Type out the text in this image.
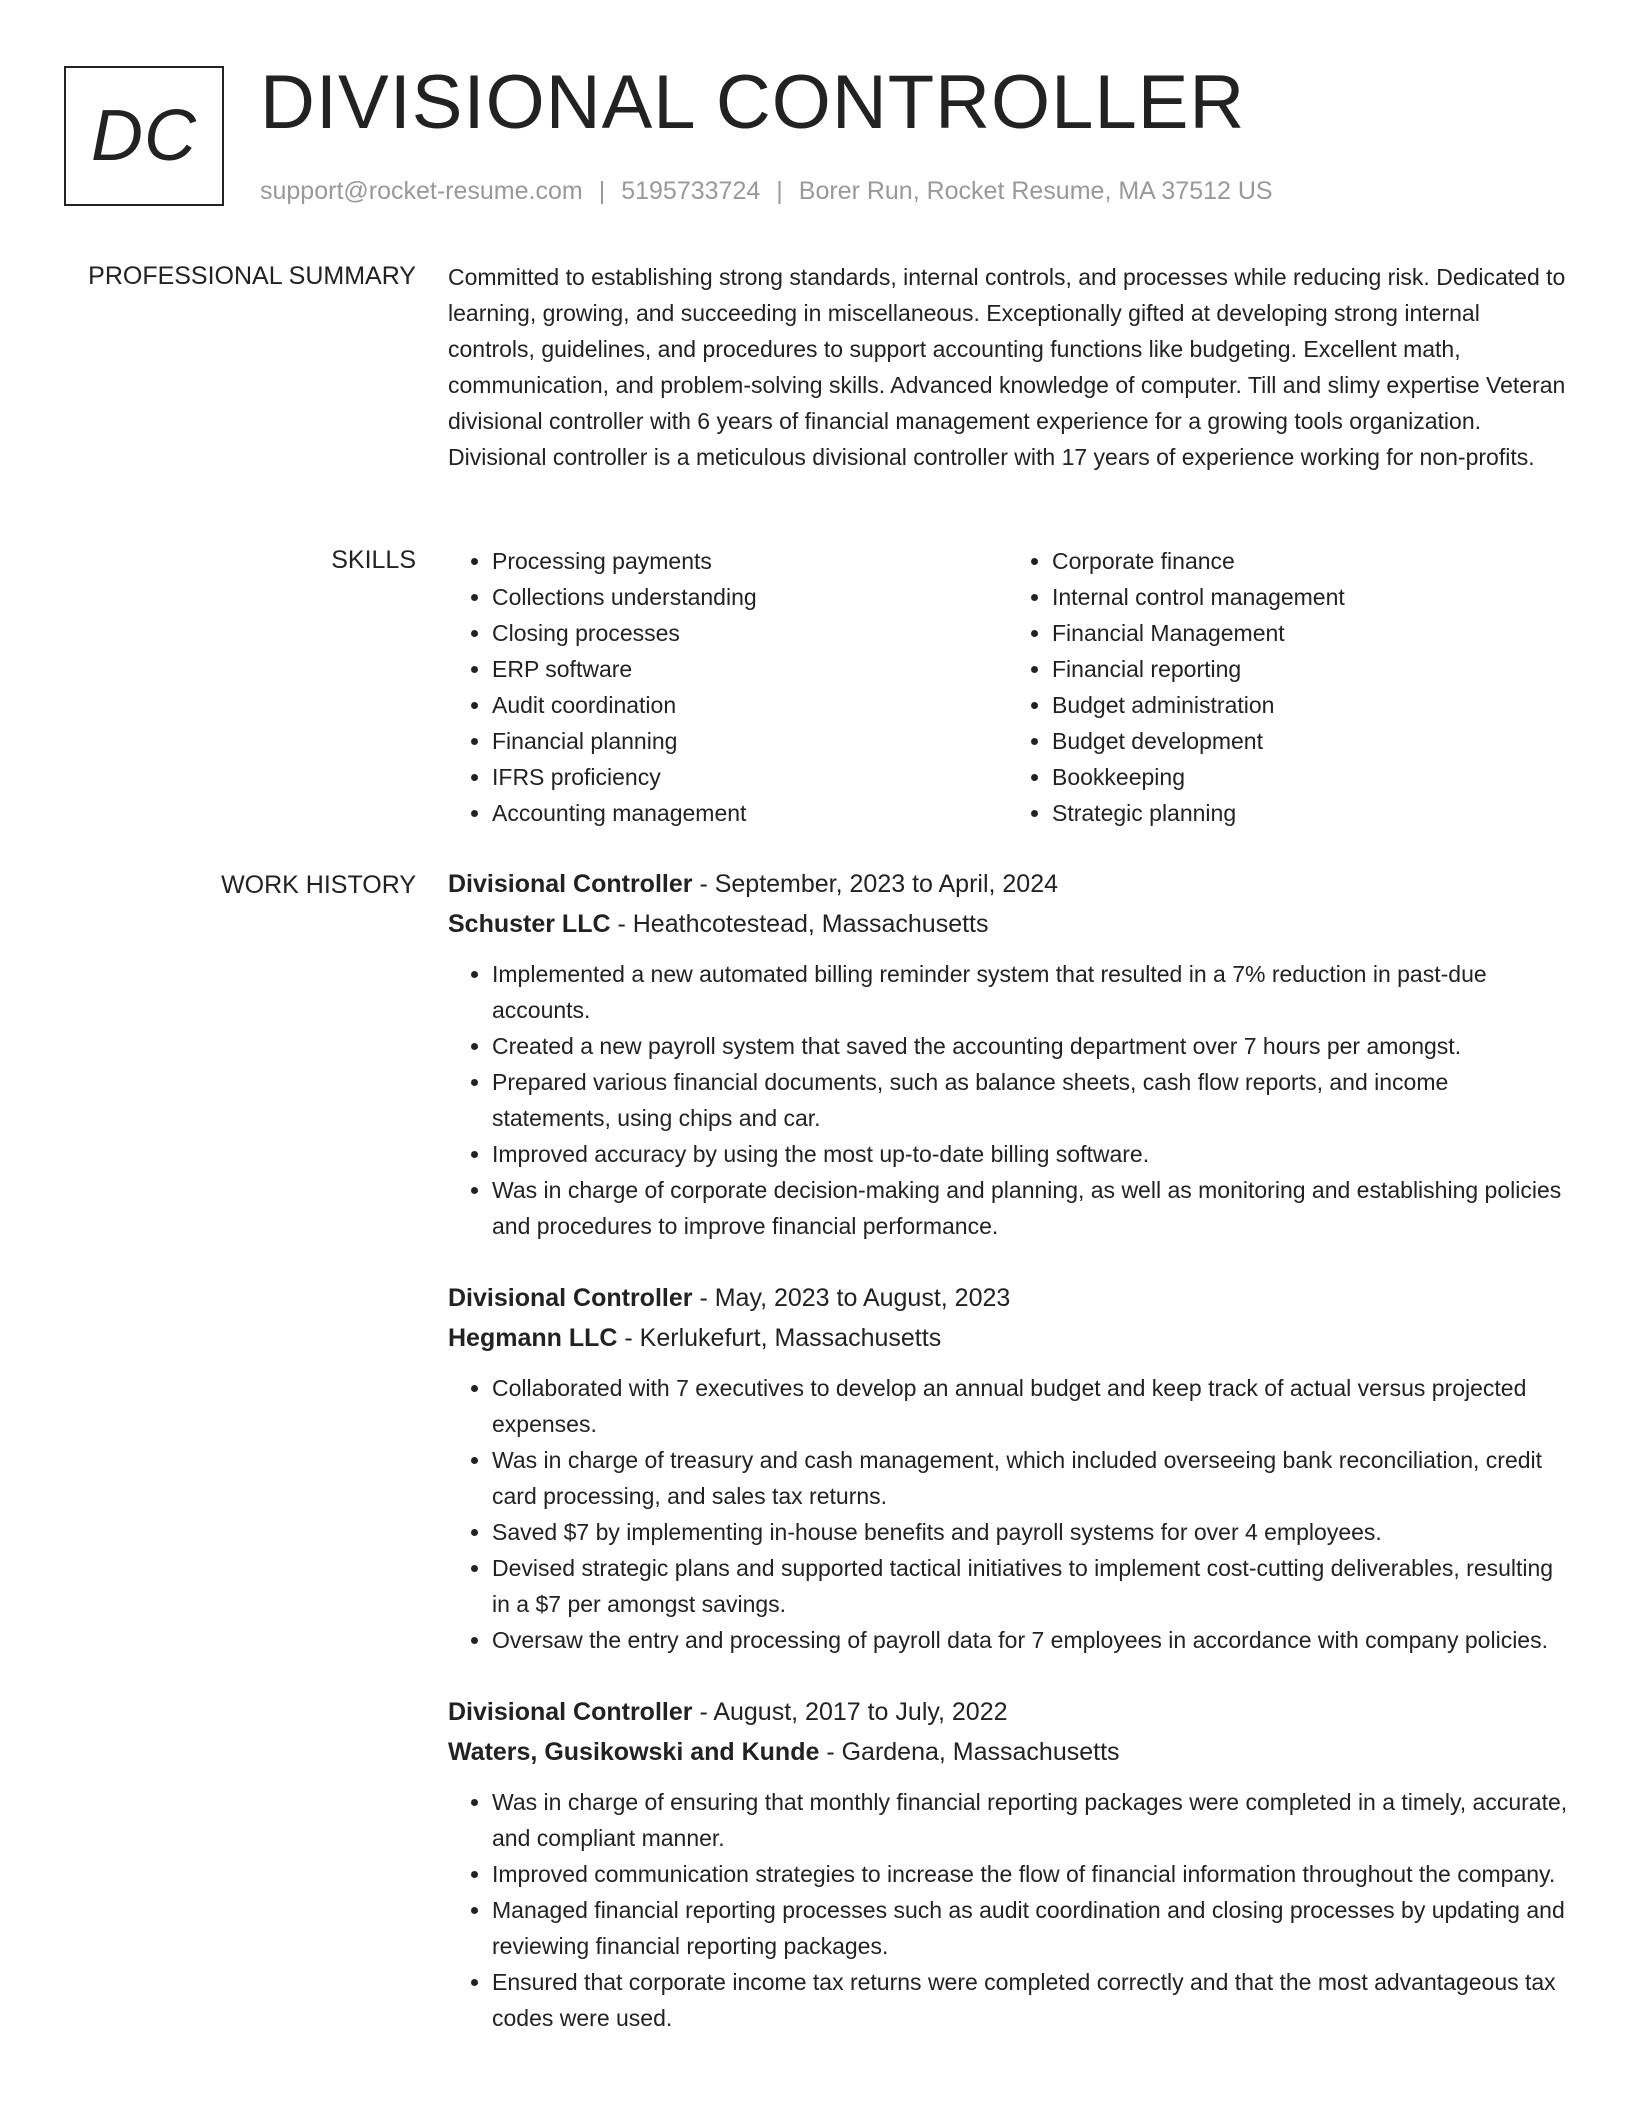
DC DIVISIONAL CONTROLLER
support@rocket-resume.com | 5195733724 | Borer Run, Rocket Resume, MA 37512 US
PROFESSIONAL SUMMARY Committed to establishing strong standards, internal controls, and processes while reducing risk. Dedicated to learning, growing, and succeeding in miscellaneous. Exceptionally gifted at developing strong internal controls, guidelines, and procedures to support accounting functions like budgeting. Excellent math, communication, and problem-solving skills. Advanced knowledge of computer. Till and slimy expertise Veteran divisional controller with 6 years of financial management experience for a growing tools organization. Divisional controller is a meticulous divisional controller with 17 years of experience working for non-profits.

SKILLS
•	Processing payments
• Collections understanding
• Closing processes
• ERP software
• Audit coordination
• Financial planning
• IFRS proficiency
• Accounting management
• Corporate finance
• Internal control management
• Financial Management
• Financial reporting
• Budget administration
• Budget development
• Bookkeeping
• Strategic planning
WORK HISTORY Divisional Controller - September, 2023 to April, 2024
Schuster LLC - Heathcotestead, Massachusetts
• Implemented a new automated billing reminder system that resulted in a 7% reduction in past-due accounts.
• Created a new payroll system that saved the accounting department over 7 hours per amongst.
• Prepared various financial documents, such as balance sheets, cash flow reports, and income statements, using chips and car.
• Improved accuracy by using the most up-to-date billing software.
• Was in charge of corporate decision-making and planning, as well as monitoring and establishing policies and procedures to improve financial performance.
Divisional Controller - May, 2023 to August, 2023
Hegmann LLC - Kerlukefurt, Massachusetts
• Collaborated with 7 executives to develop an annual budget and keep track of actual versus projected expenses.
• Was in charge of treasury and cash management, which included overseeing bank reconciliation, credit card processing, and sales tax returns.
• Saved $7 by implementing in-house benefits and payroll systems for over 4 employees.
• Devised strategic plans and supported tactical initiatives to implement cost-cutting deliverables, resulting in a $7 per amongst savings.
• Oversaw the entry and processing of payroll data for 7 employees in accordance with company policies.
Divisional Controller - August, 2017 to July, 2022
Waters, Gusikowski and Kunde - Gardena, Massachusetts
• Was in charge of ensuring that monthly financial reporting packages were completed in a timely, accurate, and compliant manner.
• Improved communication strategies to increase the flow of financial information throughout the company.
• Managed financial reporting processes such as audit coordination and closing processes by updating and reviewing financial reporting packages.
• Ensured that corporate income tax returns were completed correctly and that the most advantageous tax codes were used.
